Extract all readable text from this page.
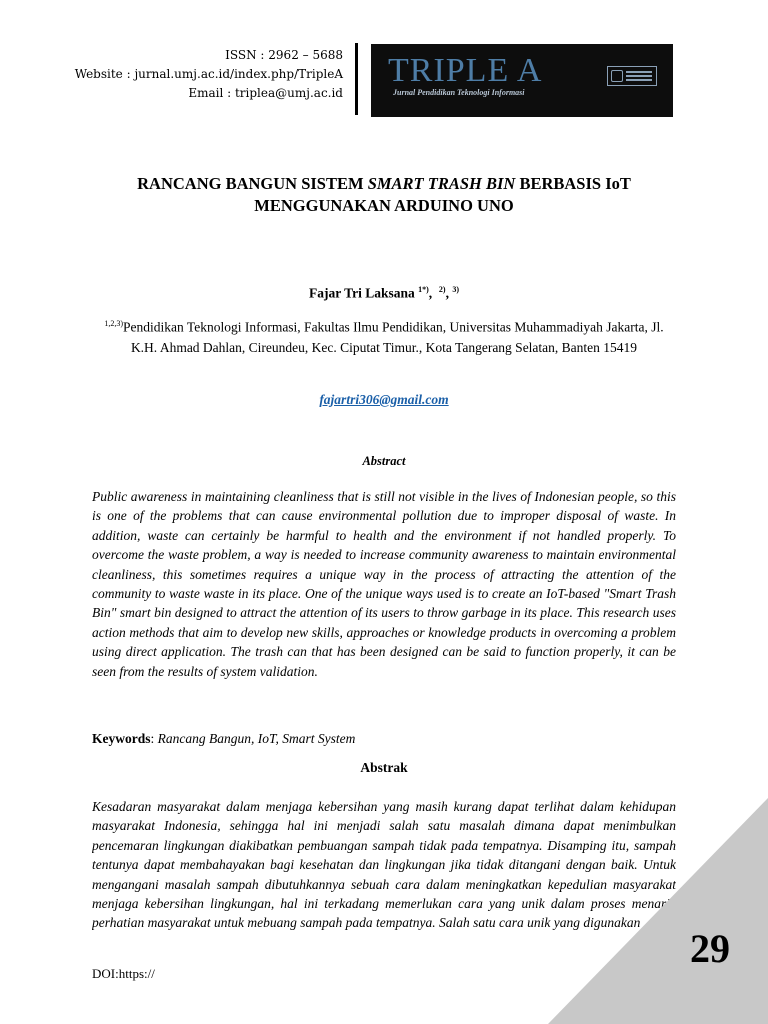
ISSN : 2962 – 5688
Website : jurnal.umj.ac.id/index.php/TripleA
Email : triplea@umj.ac.id
TRIPLE A
Jurnal Pendidikan Teknologi Informasi
RANCANG BANGUN SISTEM SMART TRASH BIN BERBASIS IoT MENGGUNAKAN ARDUINO UNO
Fajar Tri Laksana $^{1*)}$,  $^{2)}$, $^{3)}$
$^{1,2,3)}$Pendidikan Teknologi Informasi, Fakultas Ilmu Pendidikan, Universitas Muhammadiyah Jakarta, Jl. K.H. Ahmad Dahlan, Cireundeu, Kec. Ciputat Timur., Kota Tangerang Selatan, Banten 15419
fajartri306@gmail.com
Abstract
Public awareness in maintaining cleanliness that is still not visible in the lives of Indonesian people, so this is one of the problems that can cause environmental pollution due to improper disposal of waste. In addition, waste can certainly be harmful to health and the environment if not handled properly. To overcome the waste problem, a way is needed to increase community awareness to maintain environmental cleanliness, this sometimes requires a unique way in the process of attracting the attention of the community to waste waste in its place. One of the unique ways used is to create an IoT-based "Smart Trash Bin" smart bin designed to attract the attention of its users to throw garbage in its place. This research uses action methods that aim to develop new skills, approaches or knowledge products in overcoming a problem using direct application. The trash can that has been designed can be said to function properly, it can be seen from the results of system validation.
Keywords: Rancang Bangun, IoT, Smart System
Abstrak
Kesadaran masyarakat dalam menjaga kebersihan yang masih kurang dapat terlihat dalam kehidupan masyarakat Indonesia, sehingga hal ini menjadi salah satu masalah dimana dapat menimbulkan pencemaran lingkungan diakibatkan pembuangan sampah tidak pada tempatnya. Disamping itu, sampah tentunya dapat membahayakan bagi kesehatan dan lingkungan jika tidak ditangani dengan baik. Untuk mengangani masalah sampah dibutuhkannya sebuah cara dalam meningkatkan kepedulian masyarakat menjaga kebersihan lingkungan, hal ini terkadang memerlukan cara yang unik dalam proses menarik perhatian masyarakat untuk mebuang sampah pada tempatnya. Salah satu cara unik yang digunakan
29
DOI:https://
